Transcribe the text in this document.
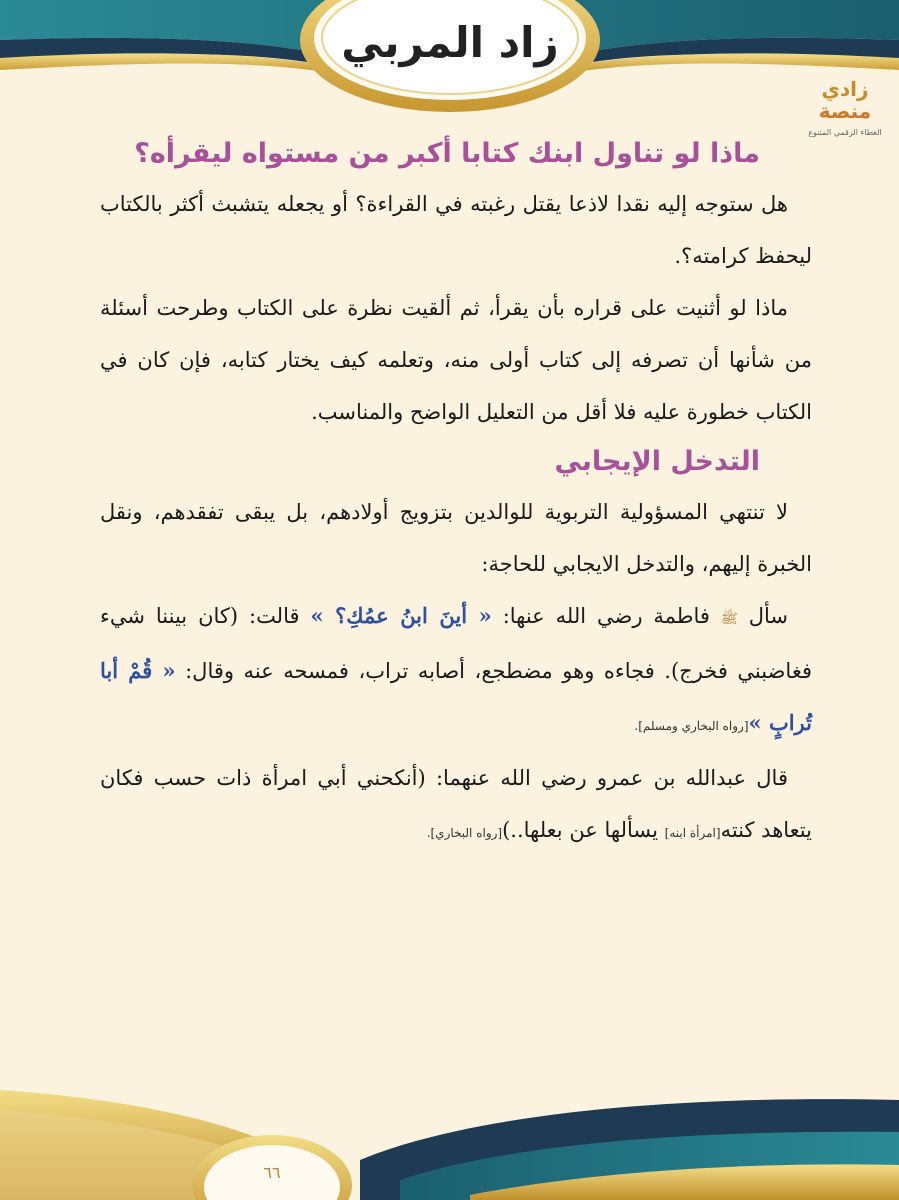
زاد المربي
زادي
منصة
العطاء الرقمي المتنوع
ماذا لو تناول ابنك كتابا أكبر من مستواه ليقرأه؟

هل ستوجه إليه نقدا لاذعا يقتل رغبته في القراءة؟ أو يجعله يتشبث أكثر بالكتاب ليحفظ كرامته؟.

ماذا لو أثنيت على قراره بأن يقرأ، ثم ألقيت نظرة على الكتاب وطرحت أسئلة من شأنها أن تصرفه إلى كتاب أولى منه، وتعلمه كيف يختار كتابه، فإن كان في الكتاب خطورة عليه فلا أقل من التعليل الواضح والمناسب.

التدخل الإيجابي

لا تنتهي المسؤولية التربوية للوالدين بتزويج أولادهم، بل يبقى تفقدهم، ونقل الخبرة إليهم، والتدخل الايجابي للحاجة:

سأل ﷺ فاطمة رضي الله عنها: « أينَ ابنُ عمُكِ؟ » قالت: (كان بيننا شيء فغاضبني فخرج). فجاءه وهو مضطجع، أصابه تراب، فمسحه عنه وقال: « قُمْ أبا تُرابٍ »[رواه البخاري ومسلم].

قال عبدالله بن عمرو رضي الله عنهما: (أنكحني أبي امرأة ذات حسب فكان يتعاهد كنته[امرأة ابنه] يسألها عن بعلها..)[رواه البخاري].

٦٦
